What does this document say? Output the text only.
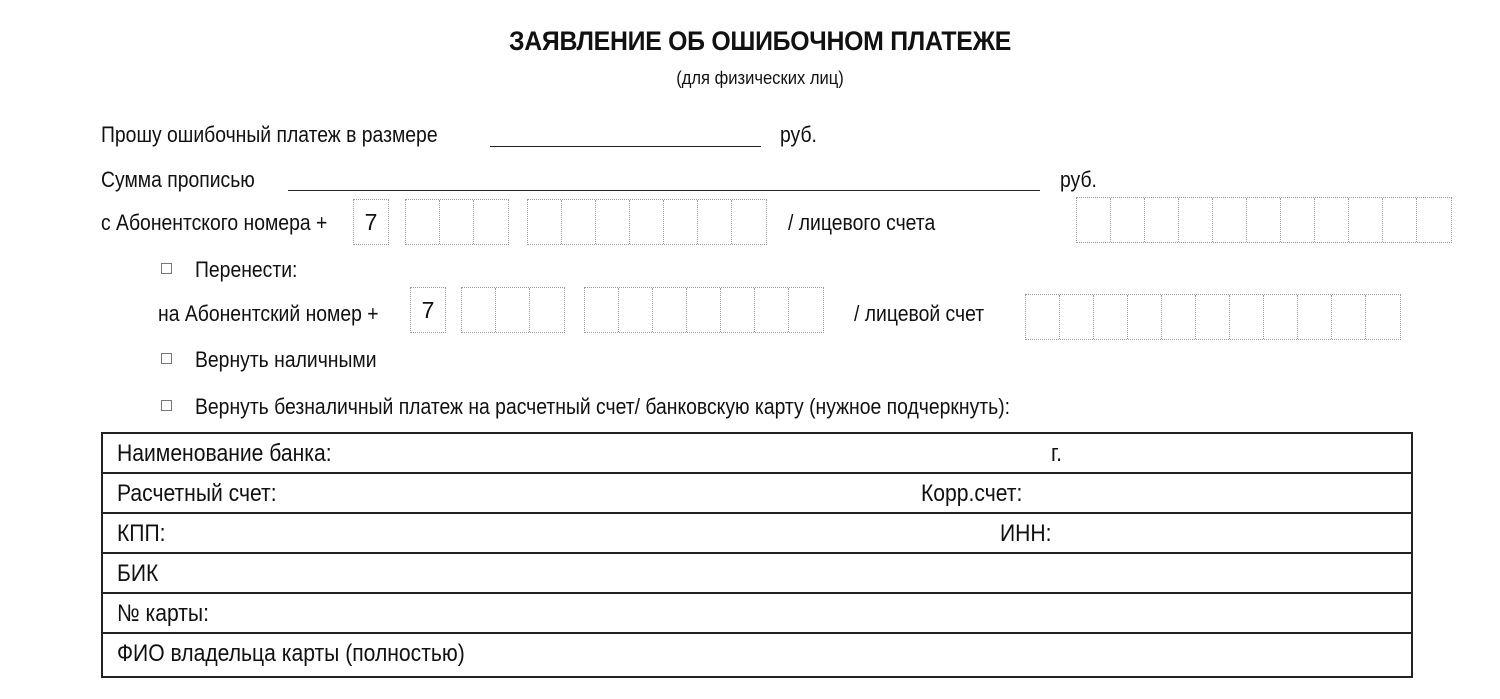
ЗАЯВЛЕНИЕ ОБ ОШИБОЧНОМ ПЛАТЕЖЕ
(для физических лиц)
Прошу ошибочный платеж в размере	руб.
Сумма прописью	руб.
с Абонентского номера +	7	/ лицевого счета
Перенести:
на Абонентский номер +	7	/ лицевой счет
Вернуть наличными
Вернуть безналичный платеж на расчетный счет/ банковскую карту (нужное подчеркнуть):
Наименование банка:	г.
Расчетный счет:	Корр.счет:
КПП:	ИНН:
БИК
№ карты:
ФИО владельца карты (полностью)
